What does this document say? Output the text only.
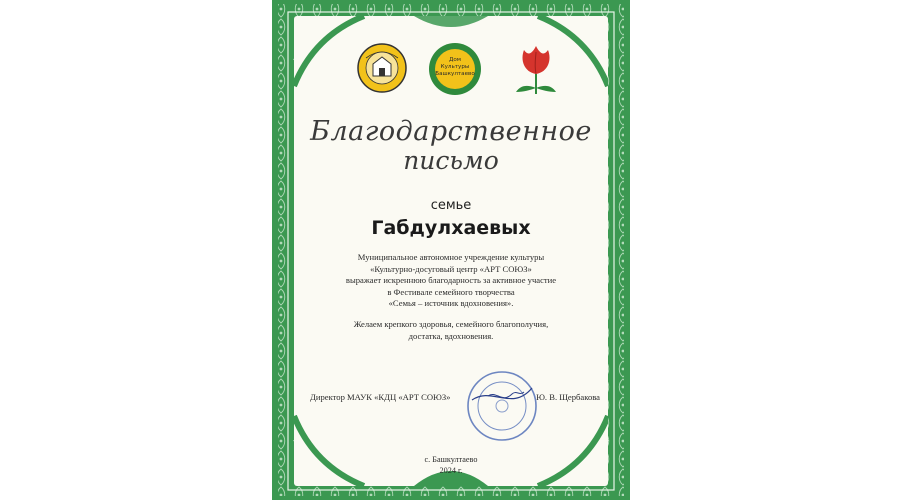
Дом
Культуры
Башкултаево
Благодарственное
письмо
семье
Габдулхаевых
Муниципальное автономное учреждение культуры
«Культурно-досуговый центр «АРТ СОЮЗ»
выражает искреннюю благодарность за активное участие
в Фестивале семейного творчества
«Семья – источник вдохновения».
Желаем крепкого здоровья, семейного благополучия,
достатка, вдохновения.
Директор МАУК «КДЦ «АРТ СОЮЗ»	Ю. В. Щербакова
с. Башкултаево
2024 г.
